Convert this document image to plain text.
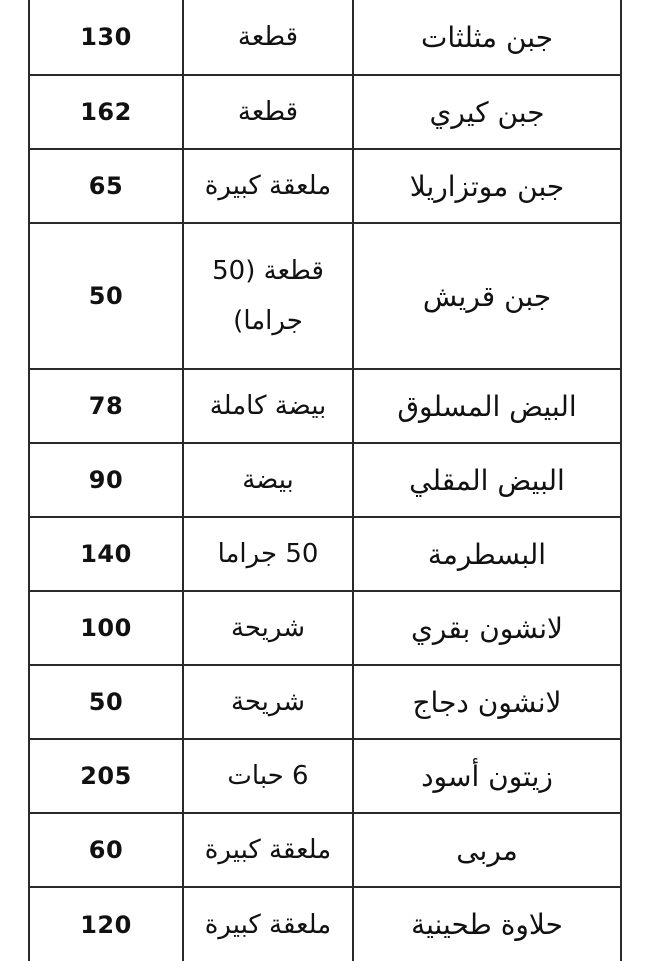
130	قطعة	جبن مثلثات
162	قطعة	جبن كيري
65	ملعقة كبيرة	جبن موتزاريلا
50	قطعة (50 جراما)	جبن قريش
78	بيضة كاملة	البيض المسلوق
90	بيضة	البيض المقلي
140	50 جراما	البسطرمة
100	شريحة	لانشون بقري
50	شريحة	لانشون دجاج
205	6 حبات	زيتون أسود
60	ملعقة كبيرة	مربى
120	ملعقة كبيرة	حلاوة طحينية
